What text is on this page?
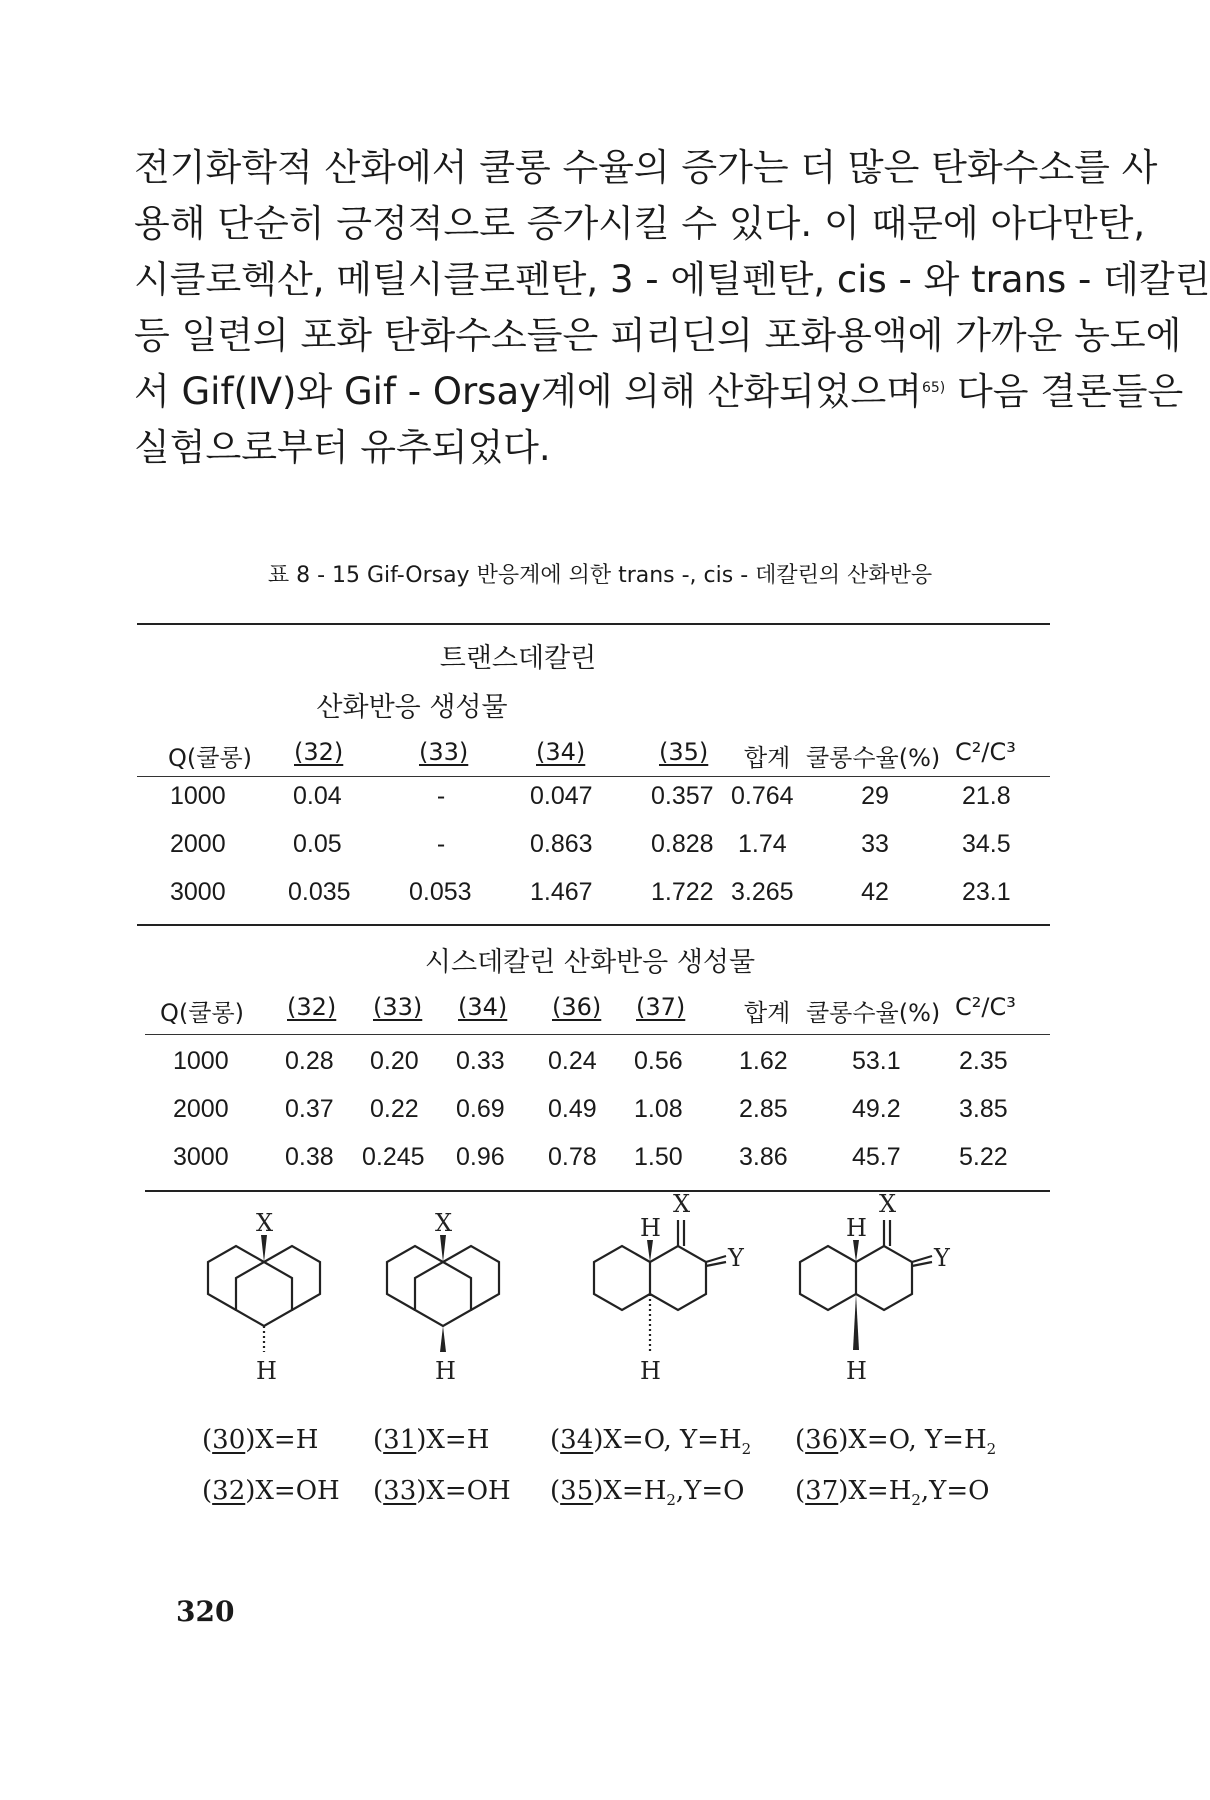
전기화학적 산화에서 쿨롱 수율의 증가는 더 많은 탄화수소를 사
용해 단순히 긍정적으로 증가시킬 수 있다. 이 때문에 아다만탄,
시클로헥산, 메틸시클로펜탄, 3 - 에틸펜탄, cis - 와 trans - 데칼린
등 일련의 포화 탄화수소들은 피리딘의 포화용액에 가까운 농도에
서 Gif(Ⅳ)와 Gif - Orsay계에 의해 산화되었으며$^{65)}$ 다음 결론들은
실험으로부터 유추되었다.
표 8 - 15 Gif-Orsay 반응계에 의한 trans -, cis - 데칼린의 산화반응
트랜스데칼린
산화반응 생성물
Q(쿨롱) (32)	(33)	(34)	(35) 합계 쿨롱수율(%) C²/C³
1000	0.04	-	0.047 0.357 0.764	29	21.8
2000	0.05	-	0.863 0.828 1.74	33	34.5
3000 0.035 0.053 1.467 1.722 3.265	42	23.1
시스데칼린 산화반응 생성물
Q(쿨롱) (32) (33) (34) (36) (37) 합계 쿨롱수율(%) C²/C³
1000 0.28 0.20 0.33 0.24 0.56 1.62	53.1 2.35
2000 0.37 0.22 0.69 0.49 1.08 2.85	49.2 3.85
3000 0.38 0.245 0.96 0.78 1.50 3.86	45.7 5.22
X
H
X
H
X
H
Y
H
X
H
Y
H
(30)X=H (31)X=H (34)X=O, $Y=H_2$ (36)X=O, $Y=H_2$
(32)X=OH (33)X=OH $(35)X=H_2,Y=O$ $(37)X=H_2,Y=O$
320
